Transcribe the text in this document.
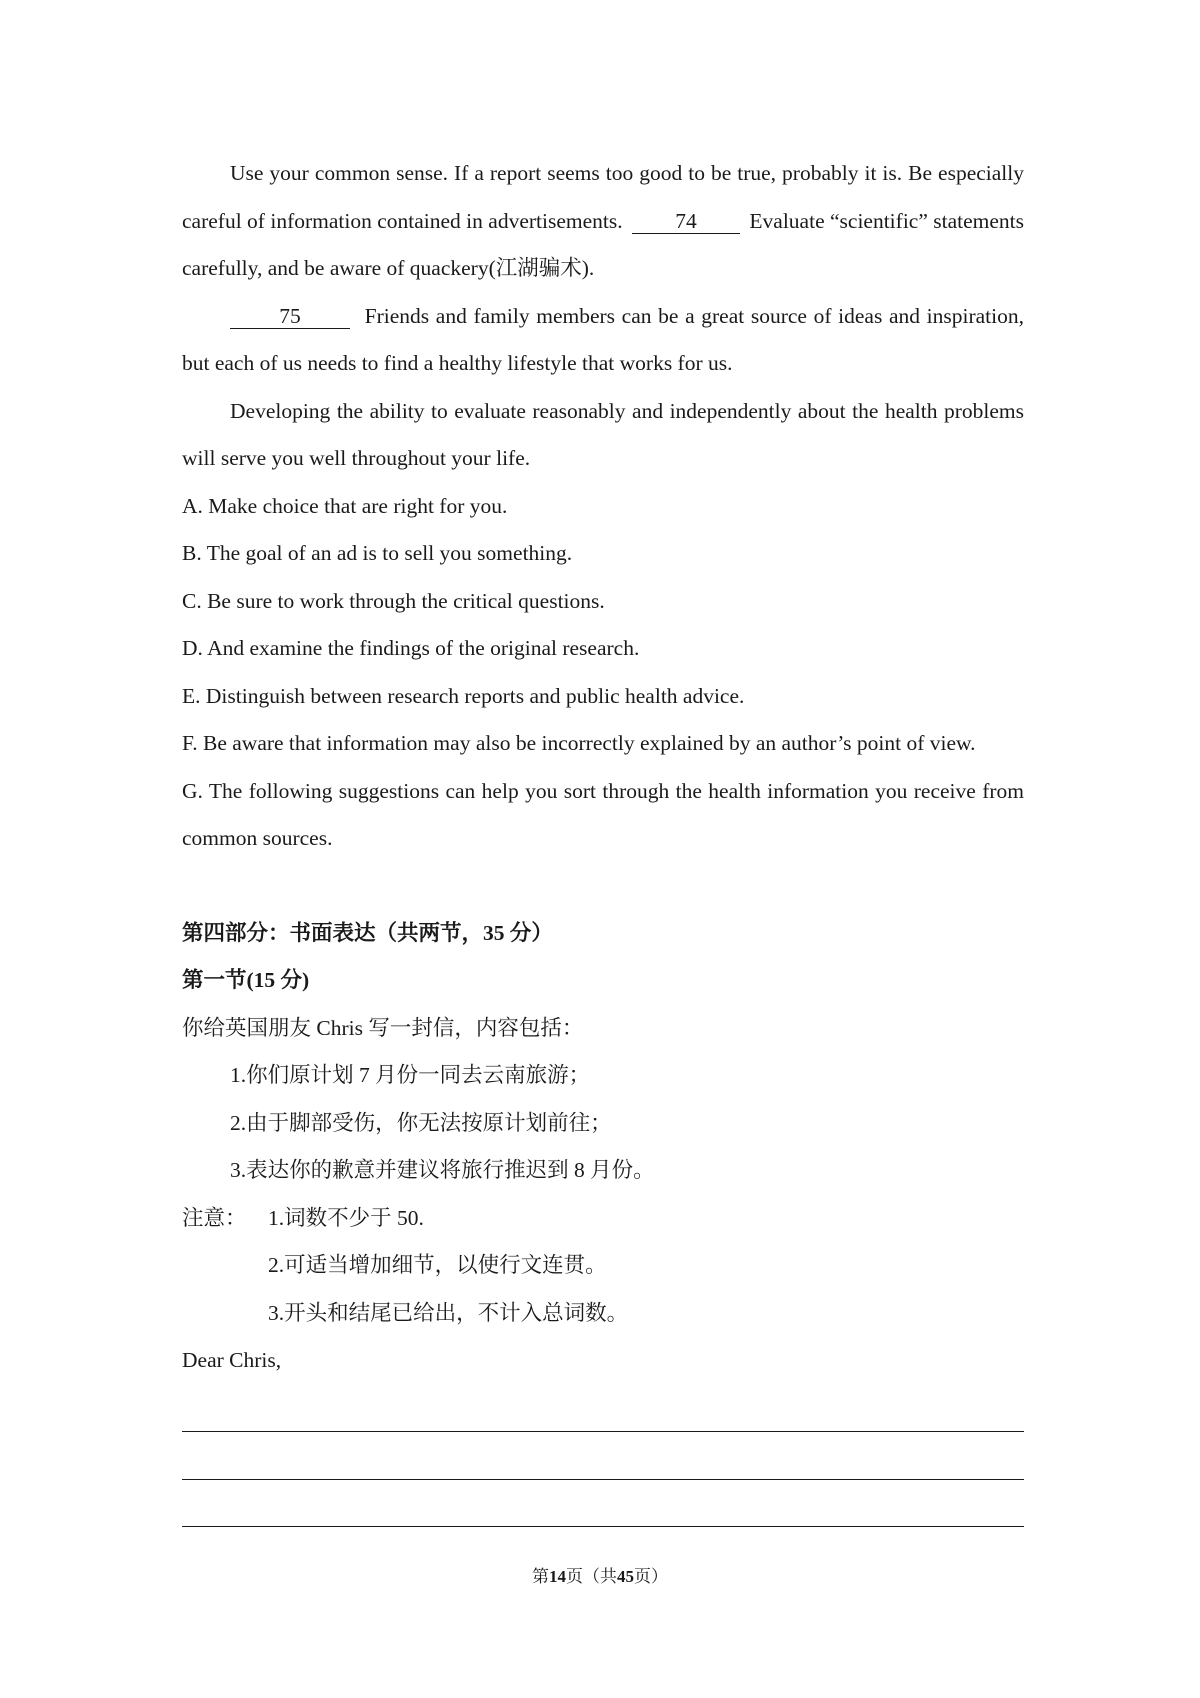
Use your common sense. If a report seems too good to be true, probably it is. Be especially careful of information contained in advertisements. 74 Evaluate “scientific” statements carefully, and be aware of quackery(江湖骗术).

75	Friends and family members can be a great source of ideas and inspiration, but each of us needs to find a healthy lifestyle that works for us.

Developing the ability to evaluate reasonably and independently about the health problems will serve you well throughout your life.

A. Make choice that are right for you.

B. The goal of an ad is to sell you something.

C. Be sure to work through the critical questions.

D. And examine the findings of the original research.

E. Distinguish between research reports and public health advice.

F. Be aware that information may also be incorrectly explained by an author’s point of view.

G. The following suggestions can help you sort through the health information you receive from common sources.

第四部分：书面表达（共两节，35 分）

第一节(15 分)

你给英国朋友 Chris 写一封信，内容包括：

1.你们原计划 7 月份一同去云南旅游；

2.由于脚部受伤，你无法按原计划前往；

3.表达你的歉意并建议将旅行推迟到 8 月份。

注意： 1.词数不少于 50.

2.可适当增加细节，以使行文连贯。

3.开头和结尾已给出，不计入总词数。

Dear Chris,

第14页（共45页）
